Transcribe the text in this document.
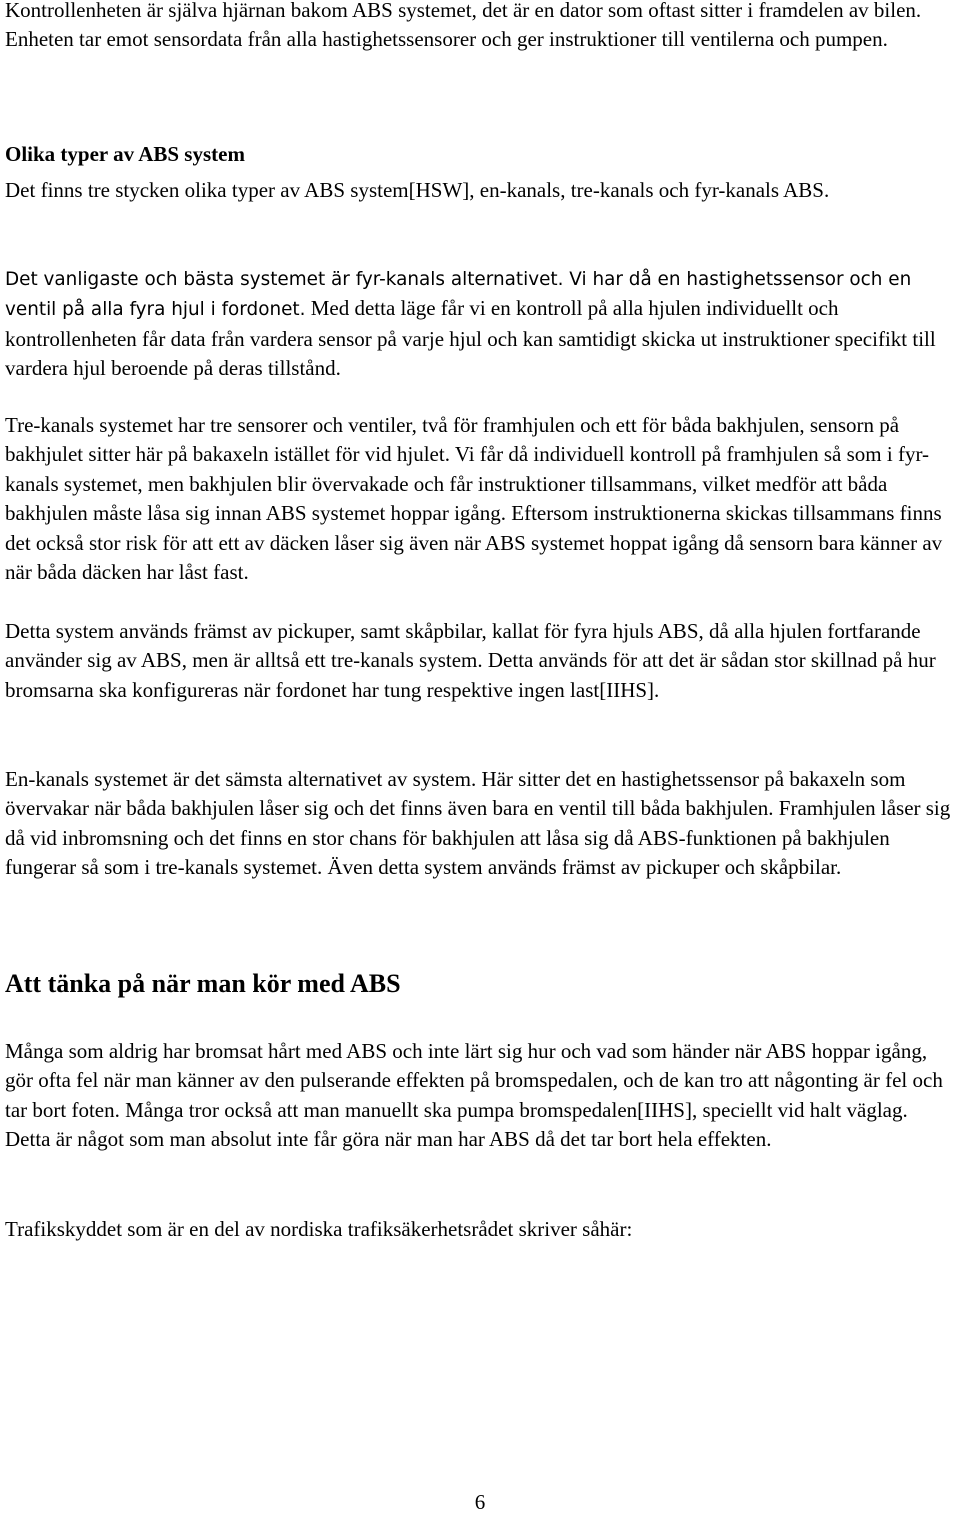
Kontrollenheten är själva hjärnan bakom ABS systemet, det är en dator som oftast sitter i framdelen av bilen. Enheten tar emot sensordata från alla hastighetssensorer och ger instruktioner till ventilerna och pumpen.

Olika typer av ABS system

Det finns tre stycken olika typer av ABS system[HSW], en-kanals, tre-kanals och fyr-kanals ABS.

Det vanligaste och bästa systemet är fyr-kanals alternativet. Vi har då en hastighetssensor och en ventil på alla fyra hjul i fordonet. Med detta läge får vi en kontroll på alla hjulen individuellt och kontrollenheten får data från vardera sensor på varje hjul och kan samtidigt skicka ut instruktioner specifikt till vardera hjul beroende på deras tillstånd.

Tre-kanals systemet har tre sensorer och ventiler, två för framhjulen och ett för båda bakhjulen, sensorn på bakhjulet sitter här på bakaxeln istället för vid hjulet. Vi får då individuell kontroll på framhjulen så som i fyr-kanals systemet, men bakhjulen blir övervakade och får instruktioner tillsammans, vilket medför att båda bakhjulen måste låsa sig innan ABS systemet hoppar igång. Eftersom instruktionerna skickas tillsammans finns det också stor risk för att ett av däcken låser sig även när ABS systemet hoppat igång då sensorn bara känner av när båda däcken har låst fast.

Detta system används främst av pickuper, samt skåpbilar, kallat för fyra hjuls ABS, då alla hjulen fortfarande använder sig av ABS, men är alltså ett tre-kanals system. Detta används för att det är sådan stor skillnad på hur bromsarna ska konfigureras när fordonet har tung respektive ingen last[IIHS].

En-kanals systemet är det sämsta alternativet av system. Här sitter det en hastighetssensor på bakaxeln som övervakar när båda bakhjulen låser sig och det finns även bara en ventil till båda bakhjulen. Framhjulen låser sig då vid inbromsning och det finns en stor chans för bakhjulen att låsa sig då ABS-funktionen på bakhjulen fungerar så som i tre-kanals systemet. Även detta system används främst av pickuper och skåpbilar.

Att tänka på när man kör med ABS

Många som aldrig har bromsat hårt med ABS och inte lärt sig hur och vad som händer när ABS hoppar igång, gör ofta fel när man känner av den pulserande effekten på bromspedalen, och de kan tro att någonting är fel och tar bort foten. Många tror också att man manuellt ska pumpa bromspedalen[IIHS], speciellt vid halt väglag. Detta är något som man absolut inte får göra när man har ABS då det tar bort hela effekten.

Trafikskyddet som är en del av nordiska trafiksäkerhetsrådet skriver såhär:

6
